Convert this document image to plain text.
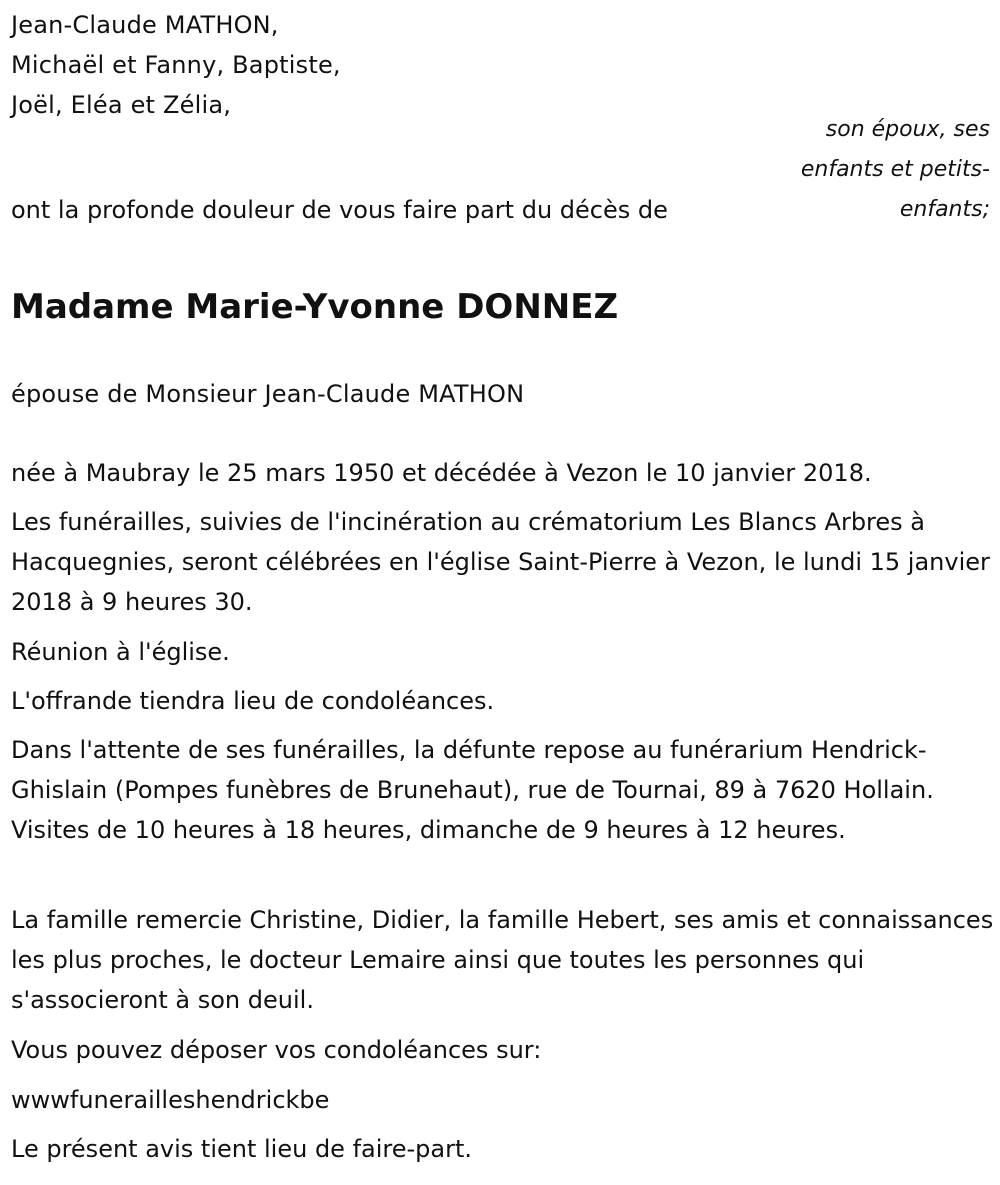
Jean-Claude MATHON,
Michaël et Fanny, Baptiste,
Joël, Eléa et Zélia,
son époux, ses enfants et petits-enfants;

ont la profonde douleur de vous faire part du décès de

Madame Marie-Yvonne DONNEZ

épouse de Monsieur Jean-Claude MATHON

née à Maubray le 25 mars 1950 et décédée à Vezon le 10 janvier 2018.

Les funérailles, suivies de l'incinération au crématorium Les Blancs Arbres à Hacquegnies, seront célébrées en l'église Saint-Pierre à Vezon, le lundi 15 janvier 2018 à 9 heures 30.

Réunion à l'église.

L'offrande tiendra lieu de condoléances.

Dans l'attente de ses funérailles, la défunte repose au funérarium Hendrick-Ghislain (Pompes funèbres de Brunehaut), rue de Tournai, 89 à 7620 Hollain. Visites de 10 heures à 18 heures, dimanche de 9 heures à 12 heures.

La famille remercie Christine, Didier, la famille Hebert, ses amis et connaissances les plus proches, le docteur Lemaire ainsi que toutes les personnes qui s'associeront à son deuil.

Vous pouvez déposer vos condoléances sur:

wwwfunerailleshendrickbe

Le présent avis tient lieu de faire-part.
